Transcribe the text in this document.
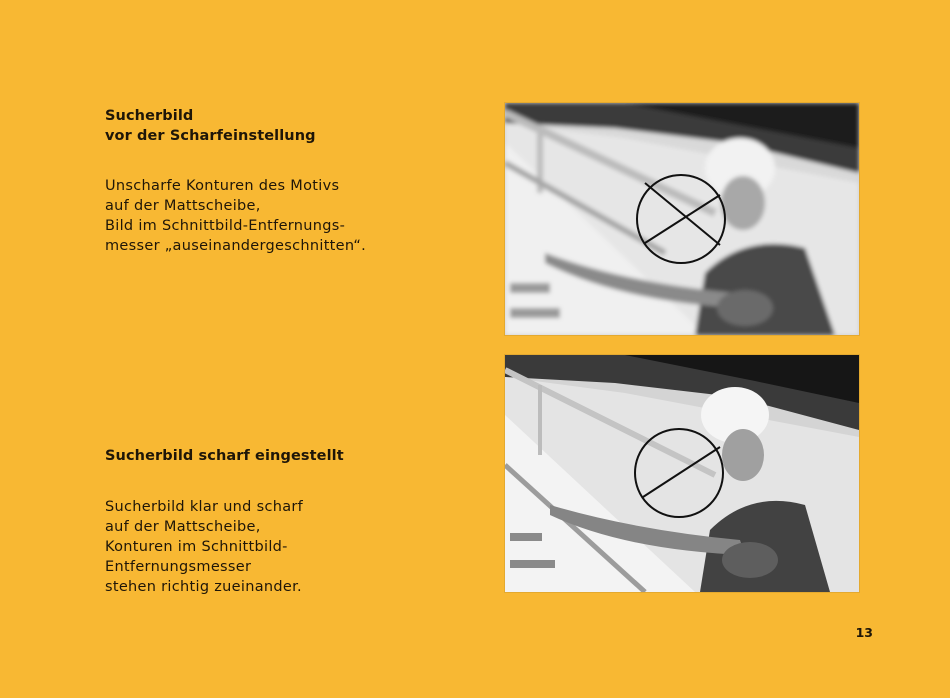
Sucherbild
vor der Scharfeinstellung

Unscharfe Konturen des Motivs
auf der Mattscheibe,
Bild im Schnittbild-Entfernungs-
messer „auseinandergeschnitten“.

Sucherbild scharf eingestellt

Sucherbild klar und scharf
auf der Mattscheibe,
Konturen im Schnittbild-
Entfernungsmesser
stehen richtig zueinander.

13
